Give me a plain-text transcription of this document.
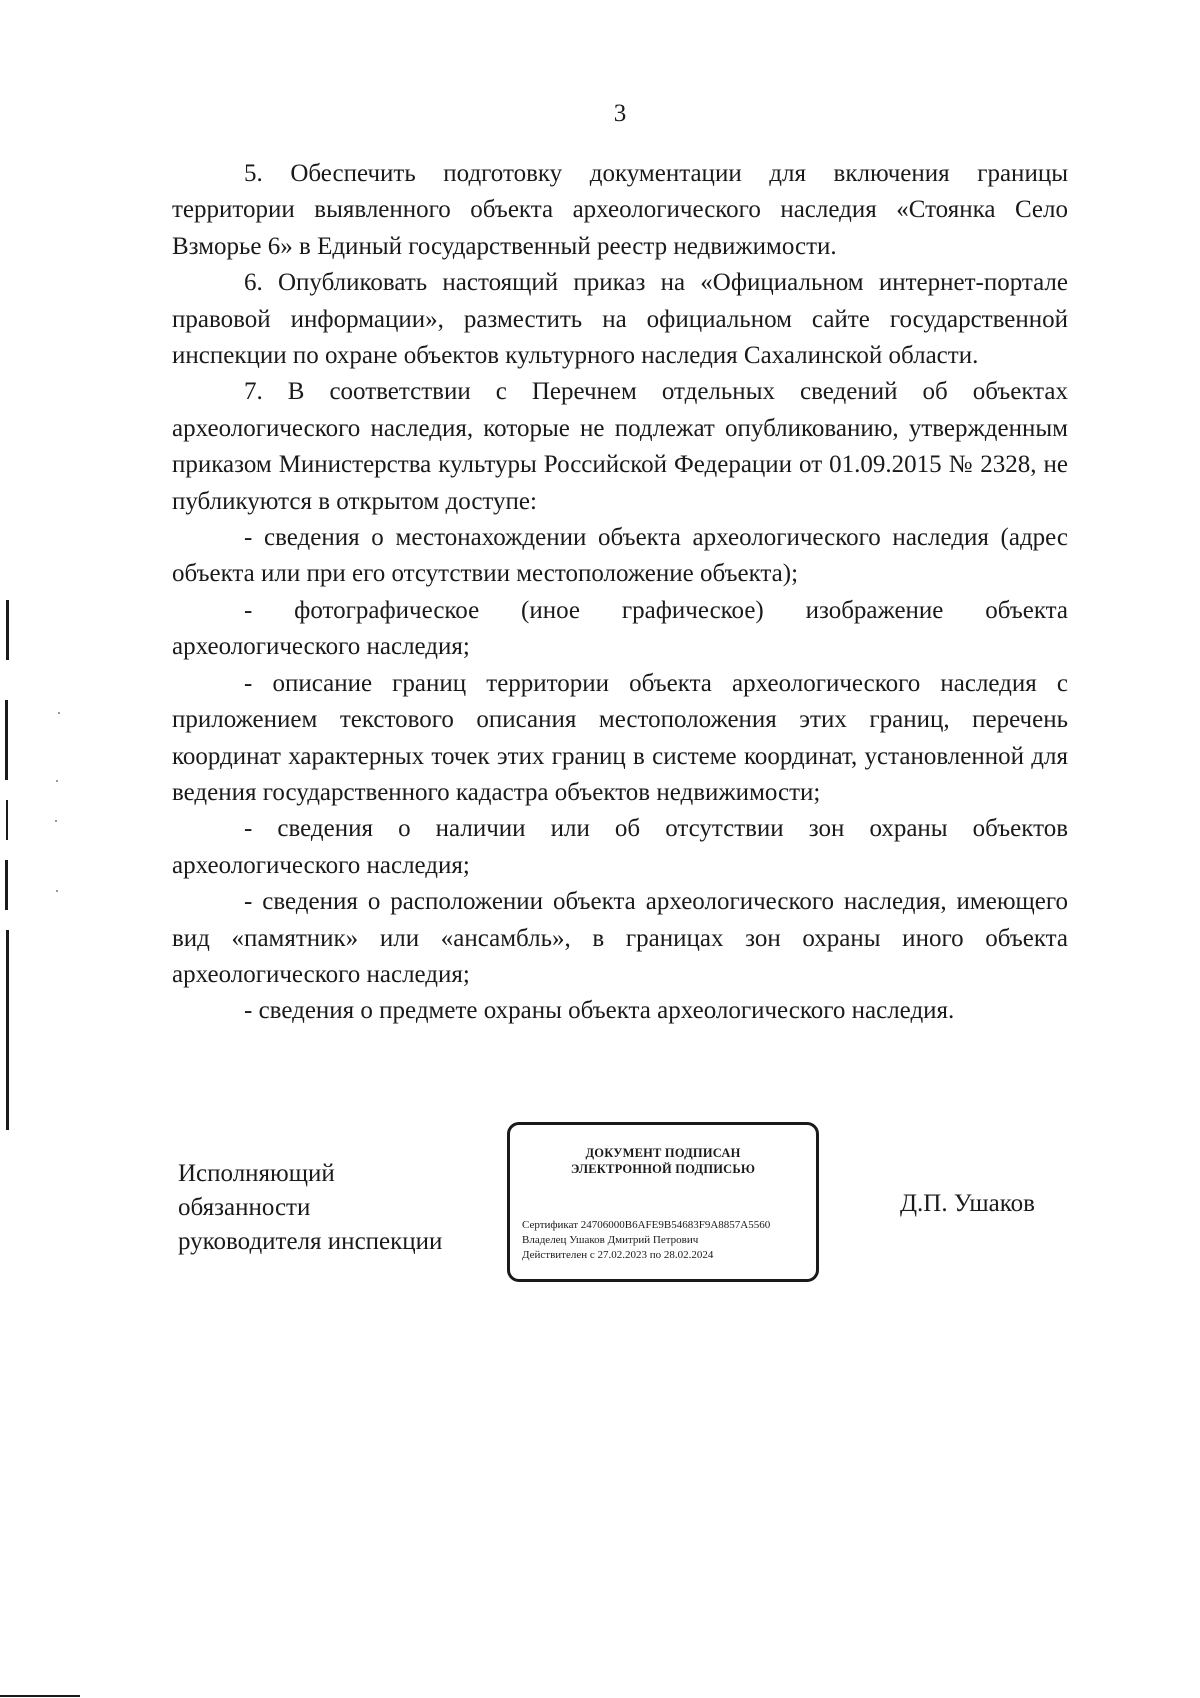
3

5. Обеспечить подготовку документации для включения границы территории выявленного объекта археологического наследия «Стоянка Село Взморье 6» в Единый государственный реестр недвижимости.

6. Опубликовать настоящий приказ на «Официальном интернет-портале правовой информации», разместить на официальном сайте государственной инспекции по охране объектов культурного наследия Сахалинской области.

7. В соответствии с Перечнем отдельных сведений об объектах археологического наследия, которые не подлежат опубликованию, утвержденным приказом Министерства культуры Российской Федерации от 01.09.2015 № 2328, не публикуются в открытом доступе:

- сведения о местонахождении объекта археологического наследия (адрес объекта или при его отсутствии местоположение объекта);

- фотографическое (иное графическое) изображение объекта археологического наследия;

- описание границ территории объекта археологического наследия с приложением текстового описания местоположения этих границ, перечень координат характерных точек этих границ в системе координат, установленной для ведения государственного кадастра объектов недвижимости;

- сведения о наличии или об отсутствии зон охраны объектов археологического наследия;

- сведения о расположении объекта археологического наследия, имеющего вид «памятник» или «ансамбль», в границах зон охраны иного объекта археологического наследия;

- сведения о предмете охраны объекта археологического наследия.

Исполняющий
обязанности
руководителя инспекции
ДОКУМЕНТ ПОДПИСАН
ЭЛЕКТРОННОЙ ПОДПИСЬЮ
Сертификат 24706000B6AFE9B54683F9A8857A5560
Владелец Ушаков Дмитрий Петрович
Действителен с 27.02.2023 по 28.02.2024
Д.П. Ушаков
